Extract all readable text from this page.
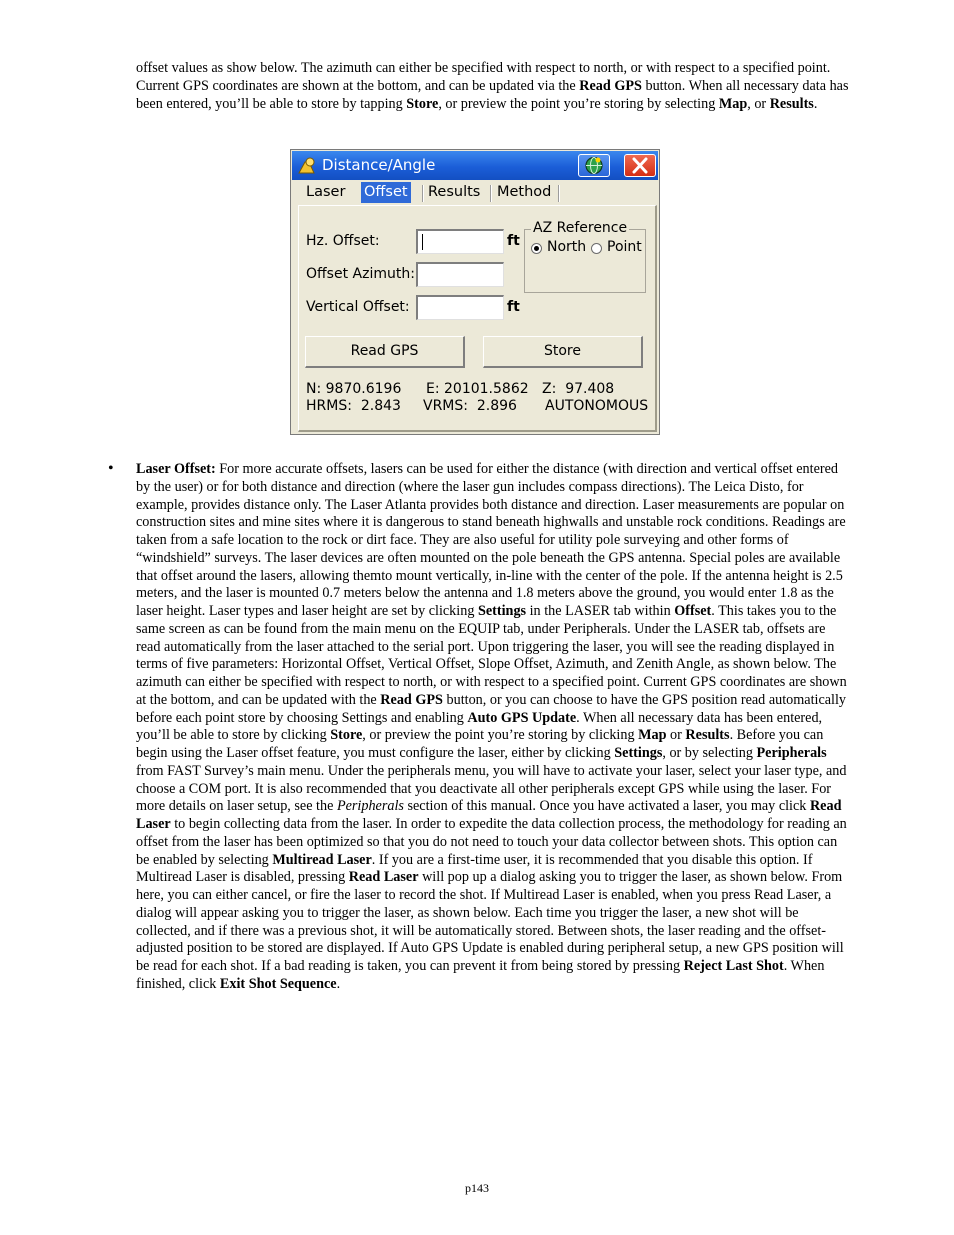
offset values as show below. The azimuth can either be specified with respect to north, or with respect to a specified point. Current GPS coordinates are shown at the bottom, and can be updated via the Read GPS button. When all necessary data has been entered, you’ll be able to store by tapping Store, or preview the point you’re storing by selecting Map, or Results.
Distance/Angle
Laser Offset Results Method
Hz. Offset:	ft
Offset Azimuth:
Vertical Offset:	ft
AZ Reference
North Point
Read GPS	Store
N: 9870.6196 E: 20101.5862 Z:  97.408
HRMS:  2.843 VRMS:  2.896 AUTONOMOUS
• Laser Offset: For more accurate offsets, lasers can be used for either the distance (with direction and vertical offset entered by the user) or for both distance and direction (where the laser gun includes compass directions). The Leica Disto, for example, provides distance only. The Laser Atlanta provides both distance and direction. Laser measurements are popular on construction sites and mine sites where it is dangerous to stand beneath highwalls and unstable rock conditions. Readings are taken from a safe location to the rock or dirt face. They are also useful for utility pole surveying and other forms of “windshield” surveys. The laser devices are often mounted on the pole beneath the GPS antenna. Special poles are available that offset around the lasers, allowing themto mount vertically, in-line with the center of the pole. If the antenna height is 2.5 meters, and the laser is mounted 0.7 meters below the antenna and 1.8 meters above the ground, you would enter 1.8 as the laser height. Laser types and laser height are set by clicking Settings in the LASER tab within Offset. This takes you to the same screen as can be found from the main menu on the EQUIP tab, under Peripherals. Under the LASER tab, offsets are read automatically from the laser attached to the serial port. Upon triggering the laser, you will see the reading displayed in terms of five parameters: Horizontal Offset, Vertical Offset, Slope Offset, Azimuth, and Zenith Angle, as shown below. The azimuth can either be specified with respect to north, or with respect to a specified point. Current GPS coordinates are shown at the bottom, and can be updated with the Read GPS button, or you can choose to have the GPS position read automatically before each point store by choosing Settings and enabling Auto GPS Update. When all necessary data has been entered, you’ll be able to store by clicking Store, or preview the point you’re storing by clicking Map or Results. Before you can begin using the Laser offset feature, you must configure the laser, either by clicking Settings, or by selecting Peripherals from FAST Survey’s main menu. Under the peripherals menu, you will have to activate your laser, select your laser type, and choose a COM port. It is also recommended that you deactivate all other peripherals except GPS while using the laser. For more details on laser setup, see the Peripherals section of this manual. Once you have activated a laser, you may click Read Laser to begin collecting data from the laser. In order to expedite the data collection process, the methodology for reading an offset from the laser has been optimized so that you do not need to touch your data collector between shots. This option can be enabled by selecting Multiread Laser. If you are a first-time user, it is recommended that you disable this option. If Multiread Laser is disabled, pressing Read Laser will pop up a dialog asking you to trigger the laser, as shown below. From here, you can either cancel, or fire the laser to record the shot. If Multiread Laser is enabled, when you press Read Laser, a dialog will appear asking you to trigger the laser, as shown below. Each time you trigger the laser, a new shot will be collected, and if there was a previous shot, it will be automatically stored. Between shots, the laser reading and the offset-adjusted position to be stored are displayed. If Auto GPS Update is enabled during peripheral setup, a new GPS position will be read for each shot. If a bad reading is taken, you can prevent it from being stored by pressing Reject Last Shot. When finished, click Exit Shot Sequence.
p143
